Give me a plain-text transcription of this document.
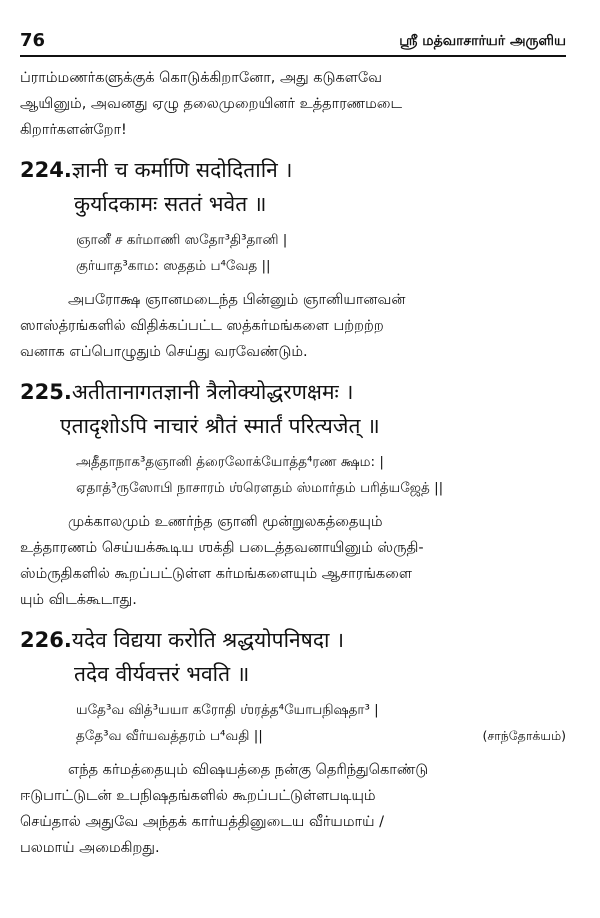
76	ஸ்ரீ மத்வாசார்யர் அருளிய

ப்ராம்மணர்களுக்குக் கொடுக்கிறானோ, அது கடுகளவே
ஆயினும், அவனது ஏழு தலைமுறையினர் உத்தாரணமடை
கிறார்களன்றோ!

224.ज्ञानी च कर्माणि सदोदितानि ।
कुर्यादकामः सततं भवेत ॥
ஞானீ ச கர்மாணி ஸதோ³தி³தானி |
குர்யாத³காம: ஸததம் ப⁴வேத ||

அபரோக்ஷ ஞானமடைந்த பின்னும் ஞானியானவன்
ஸாஸ்த்ரங்களில் விதிக்கப்பட்ட ஸத்கர்மங்களை பற்றற்ற
வனாக எப்பொழுதும் செய்து வரவேண்டும்.

225.अतीतानागतज्ञानी त्रैलोक्योद्धरणक्षमः ।
एतादृशोऽपि नाचारं श्रौतं स्मार्तं परित्यजेत् ॥
அதீதாநாக³தஞானி த்ரைலோக்யோத்த⁴ரண க்ஷம: |
ஏதாத்³ருஸோபி நாசாரம் ஶ்ரௌதம் ஸ்மார்தம் பரித்யஜேத் ||

முக்காலமும் உணர்ந்த ஞானி மூன்றுலகத்தையும்
உத்தாரணம் செய்யக்கூடிய ஶக்தி படைத்தவனாயினும் ஸ்ருதி-
ஸ்ம்ருதிகளில் கூறப்பட்டுள்ள கர்மங்களையும் ஆசாரங்களை
யும் விடக்கூடாது.

226.यदेव विद्यया करोति श्रद्धयोपनिषदा ।
तदेव वीर्यवत्तरं भवति ॥
யதே³வ வித்³யயா கரோதி ஶ்ரத்த⁴யோபநிஷதா³ |
ததே³வ வீர்யவத்தரம் ப⁴வதி ||	(சாந்தோக்யம்)

எந்த கர்மத்தையும் விஷயத்தை நன்கு தெரிந்துகொண்டு
ஈடுபாட்டுடன் உபநிஷதங்களில் கூறப்பட்டுள்ளபடியும்
செய்தால் அதுவே அந்தக் கார்யத்தினுடைய வீர்யமாய் /
பலமாய் அமைகிறது.
